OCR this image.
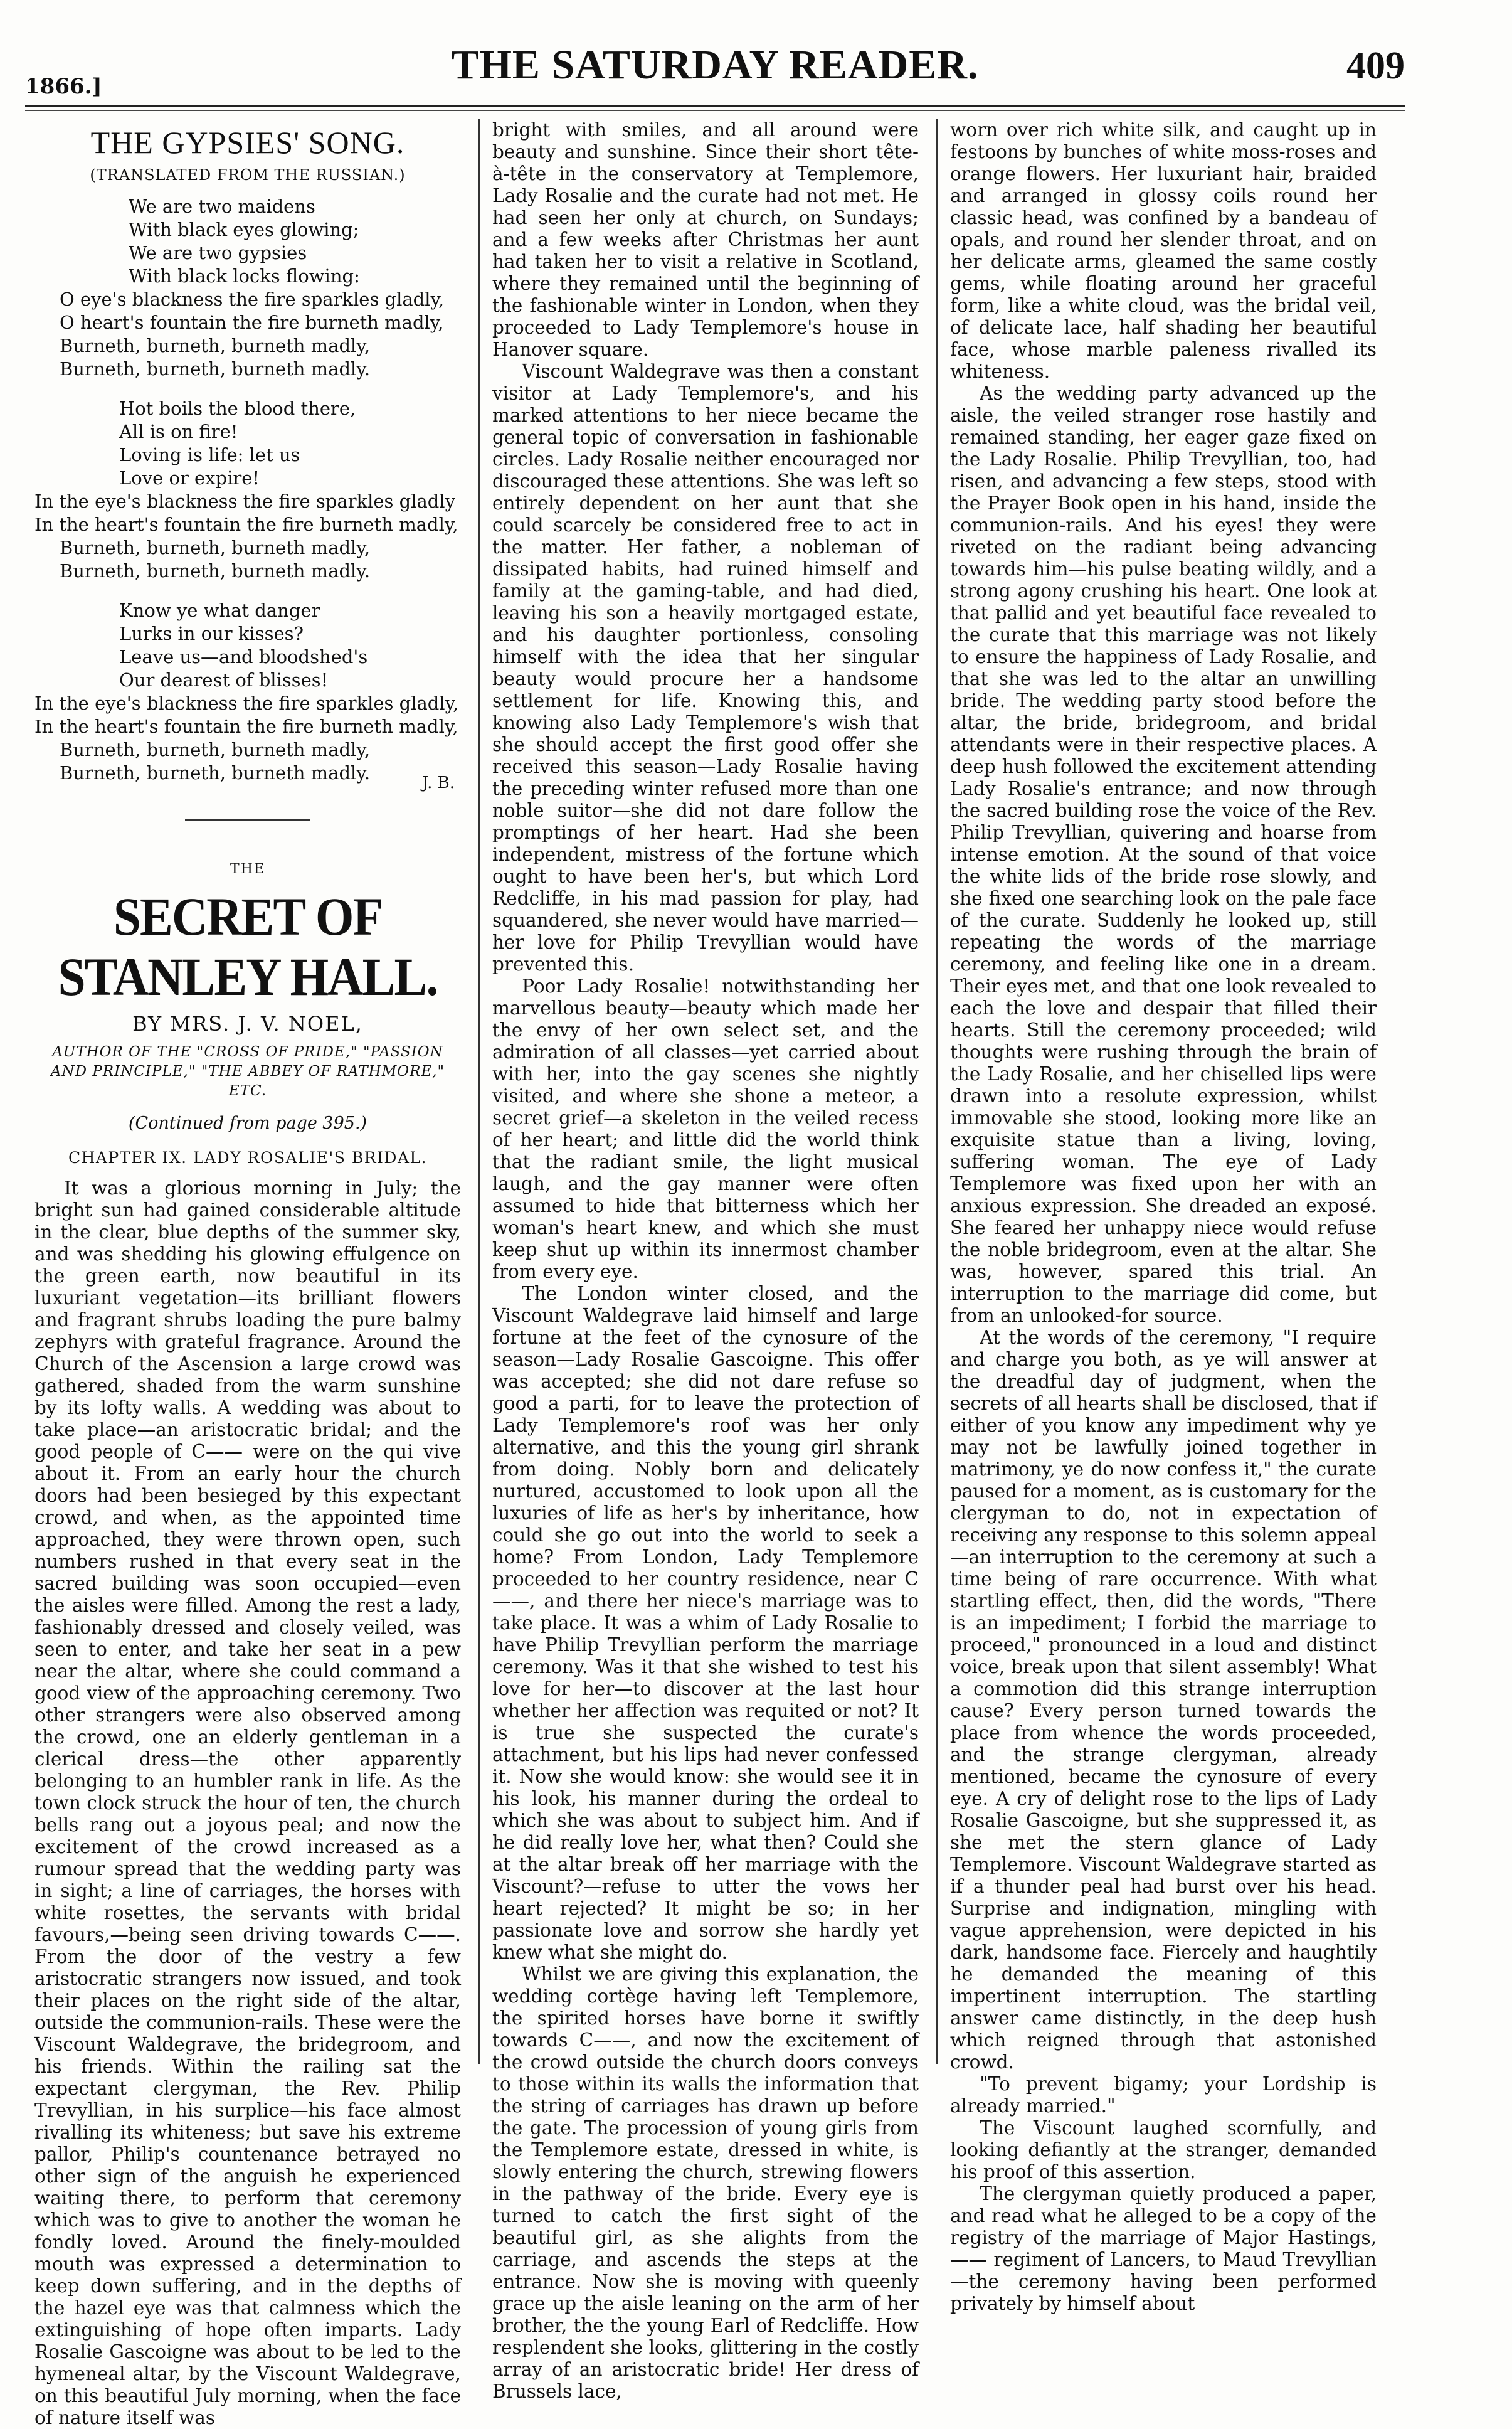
1866.]	THE SATURDAY READER.	409
THE GYPSIES' SONG.
(TRANSLATED FROM THE RUSSIAN.)
We are two maidens
With black eyes glowing;
We are two gypsies
With black locks flowing:
O eye's blackness the fire sparkles gladly,
O heart's fountain the fire burneth madly,
Burneth, burneth, burneth madly,
Burneth, burneth, burneth madly.
Hot boils the blood there,
All is on fire!
Loving is life: let us
Love or expire!
In the eye's blackness the fire sparkles gladly
In the heart's fountain the fire burneth madly,
Burneth, burneth, burneth madly,
Burneth, burneth, burneth madly.
Know ye what danger
Lurks in our kisses?
Leave us—and bloodshed's
Our dearest of blisses!
In the eye's blackness the fire sparkles gladly,
In the heart's fountain the fire burneth madly,
Burneth, burneth, burneth madly,
Burneth, burneth, burneth madly.	J. B.
THE
SECRET OF STANLEY HALL.
BY MRS. J. V. NOEL,
AUTHOR OF THE "CROSS OF PRIDE," "PASSION AND PRINCIPLE," "THE ABBEY OF RATHMORE," ETC.
(Continued from page 395.)
CHAPTER IX. LADY ROSALIE'S BRIDAL.

It was a glorious morning in July; the bright sun had gained considerable altitude in the clear, blue depths of the summer sky, and was shedding his glowing effulgence on the green earth, now beautiful in its luxuriant vegetation—its brilliant flowers and fragrant shrubs loading the pure balmy zephyrs with grateful fragrance. Around the Church of the Ascension a large crowd was gathered, shaded from the warm sunshine by its lofty walls. A wedding was about to take place—an aristocratic bridal; and the good people of C—— were on the qui vive about it. From an early hour the church doors had been besieged by this expectant crowd, and when, as the appointed time approached, they were thrown open, such numbers rushed in that every seat in the sacred building was soon occupied—even the aisles were filled. Among the rest a lady, fashionably dressed and closely veiled, was seen to enter, and take her seat in a pew near the altar, where she could command a good view of the approaching ceremony. Two other strangers were also observed among the crowd, one an elderly gentleman in a clerical dress—the other apparently belonging to an humbler rank in life. As the town clock struck the hour of ten, the church bells rang out a joyous peal; and now the excitement of the crowd increased as a rumour spread that the wedding party was in sight; a line of carriages, the horses with white rosettes, the servants with bridal favours,—being seen driving towards C——. From the door of the vestry a few aristocratic strangers now issued, and took their places on the right side of the altar, outside the communion-rails. These were the Viscount Waldegrave, the bridegroom, and his friends. Within the railing sat the expectant clergyman, the Rev. Philip Trevyllian, in his surplice—his face almost rivalling its whiteness; but save his extreme pallor, Philip's countenance betrayed no other sign of the anguish he experienced waiting there, to perform that ceremony which was to give to another the woman he fondly loved. Around the finely-moulded mouth was expressed a determination to keep down suffering, and in the depths of the hazel eye was that calmness which the extinguishing of hope often imparts. Lady Rosalie Gascoigne was about to be led to the hymeneal altar, by the Viscount Waldegrave, on this beautiful July morning, when the face of nature itself was

bright with smiles, and all around were beauty and sunshine. Since their short tête-à-tête in the conservatory at Templemore, Lady Rosalie and the curate had not met. He had seen her only at church, on Sundays; and a few weeks after Christmas her aunt had taken her to visit a relative in Scotland, where they remained until the beginning of the fashionable winter in London, when they proceeded to Lady Templemore's house in Hanover square.

Viscount Waldegrave was then a constant visitor at Lady Templemore's, and his marked attentions to her niece became the general topic of conversation in fashionable circles. Lady Rosalie neither encouraged nor discouraged these attentions. She was left so entirely dependent on her aunt that she could scarcely be considered free to act in the matter. Her father, a nobleman of dissipated habits, had ruined himself and family at the gaming-table, and had died, leaving his son a heavily mortgaged estate, and his daughter portionless, consoling himself with the idea that her singular beauty would procure her a handsome settlement for life. Knowing this, and knowing also Lady Templemore's wish that she should accept the first good offer she received this season—Lady Rosalie having the preceding winter refused more than one noble suitor—she did not dare follow the promptings of her heart. Had she been independent, mistress of the fortune which ought to have been her's, but which Lord Redcliffe, in his mad passion for play, had squandered, she never would have married—her love for Philip Trevyllian would have prevented this.

Poor Lady Rosalie! notwithstanding her marvellous beauty—beauty which made her the envy of her own select set, and the admiration of all classes—yet carried about with her, into the gay scenes she nightly visited, and where she shone a meteor, a secret grief—a skeleton in the veiled recess of her heart; and little did the world think that the radiant smile, the light musical laugh, and the gay manner were often assumed to hide that bitterness which her woman's heart knew, and which she must keep shut up within its innermost chamber from every eye.

The London winter closed, and the Viscount Waldegrave laid himself and large fortune at the feet of the cynosure of the season—Lady Rosalie Gascoigne. This offer was accepted; she did not dare refuse so good a parti, for to leave the protection of Lady Templemore's roof was her only alternative, and this the young girl shrank from doing. Nobly born and delicately nurtured, accustomed to look upon all the luxuries of life as her's by inheritance, how could she go out into the world to seek a home? From London, Lady Templemore proceeded to her country residence, near C——, and there her niece's marriage was to take place. It was a whim of Lady Rosalie to have Philip Trevyllian perform the marriage ceremony. Was it that she wished to test his love for her—to discover at the last hour whether her affection was requited or not? It is true she suspected the curate's attachment, but his lips had never confessed it. Now she would know: she would see it in his look, his manner during the ordeal to which she was about to subject him. And if he did really love her, what then? Could she at the altar break off her marriage with the Viscount?—refuse to utter the vows her heart rejected? It might be so; in her passionate love and sorrow she hardly yet knew what she might do.

Whilst we are giving this explanation, the wedding cortège having left Templemore, the spirited horses have borne it swiftly towards C——, and now the excitement of the crowd outside the church doors conveys to those within its walls the information that the string of carriages has drawn up before the gate. The procession of young girls from the Templemore estate, dressed in white, is slowly entering the church, strewing flowers in the pathway of the bride. Every eye is turned to catch the first sight of the beautiful girl, as she alights from the carriage, and ascends the steps at the entrance. Now she is moving with queenly grace up the aisle leaning on the arm of her brother, the the young Earl of Redcliffe. How resplendent she looks, glittering in the costly array of an aristocratic bride! Her dress of Brussels lace,

worn over rich white silk, and caught up in festoons by bunches of white moss-roses and orange flowers. Her luxuriant hair, braided and arranged in glossy coils round her classic head, was confined by a bandeau of opals, and round her slender throat, and on her delicate arms, gleamed the same costly gems, while floating around her graceful form, like a white cloud, was the bridal veil, of delicate lace, half shading her beautiful face, whose marble paleness rivalled its whiteness.

As the wedding party advanced up the aisle, the veiled stranger rose hastily and remained standing, her eager gaze fixed on the Lady Rosalie. Philip Trevyllian, too, had risen, and advancing a few steps, stood with the Prayer Book open in his hand, inside the communion-rails. And his eyes! they were riveted on the radiant being advancing towards him—his pulse beating wildly, and a strong agony crushing his heart. One look at that pallid and yet beautiful face revealed to the curate that this marriage was not likely to ensure the happiness of Lady Rosalie, and that she was led to the altar an unwilling bride. The wedding party stood before the altar, the bride, bridegroom, and bridal attendants were in their respective places. A deep hush followed the excitement attending Lady Rosalie's entrance; and now through the sacred building rose the voice of the Rev. Philip Trevyllian, quivering and hoarse from intense emotion. At the sound of that voice the white lids of the bride rose slowly, and she fixed one searching look on the pale face of the curate. Suddenly he looked up, still repeating the words of the marriage ceremony, and feeling like one in a dream. Their eyes met, and that one look revealed to each the love and despair that filled their hearts. Still the ceremony proceeded; wild thoughts were rushing through the brain of the Lady Rosalie, and her chiselled lips were drawn into a resolute expression, whilst immovable she stood, looking more like an exquisite statue than a living, loving, suffering woman. The eye of Lady Templemore was fixed upon her with an anxious expression. She dreaded an exposé. She feared her unhappy niece would refuse the noble bridegroom, even at the altar. She was, however, spared this trial. An interruption to the marriage did come, but from an unlooked-for source.

At the words of the ceremony, "I require and charge you both, as ye will answer at the dreadful day of judgment, when the secrets of all hearts shall be disclosed, that if either of you know any impediment why ye may not be lawfully joined together in matrimony, ye do now confess it," the curate paused for a moment, as is customary for the clergyman to do, not in expectation of receiving any response to this solemn appeal—an interruption to the ceremony at such a time being of rare occurrence. With what startling effect, then, did the words, "There is an impediment; I forbid the marriage to proceed," pronounced in a loud and distinct voice, break upon that silent assembly! What a commotion did this strange interruption cause? Every person turned towards the place from whence the words proceeded, and the strange clergyman, already mentioned, became the cynosure of every eye. A cry of delight rose to the lips of Lady Rosalie Gascoigne, but she suppressed it, as she met the stern glance of Lady Templemore. Viscount Waldegrave started as if a thunder peal had burst over his head. Surprise and indignation, mingling with vague apprehension, were depicted in his dark, handsome face. Fiercely and haughtily he demanded the meaning of this impertinent interruption. The startling answer came distinctly, in the deep hush which reigned through that astonished crowd.

"To prevent bigamy; your Lordship is already married."

The Viscount laughed scornfully, and looking defiantly at the stranger, demanded his proof of this assertion.

The clergyman quietly produced a paper, and read what he alleged to be a copy of the registry of the marriage of Major Hastings, —— regiment of Lancers, to Maud Trevyllian—the ceremony having been performed privately by himself about
